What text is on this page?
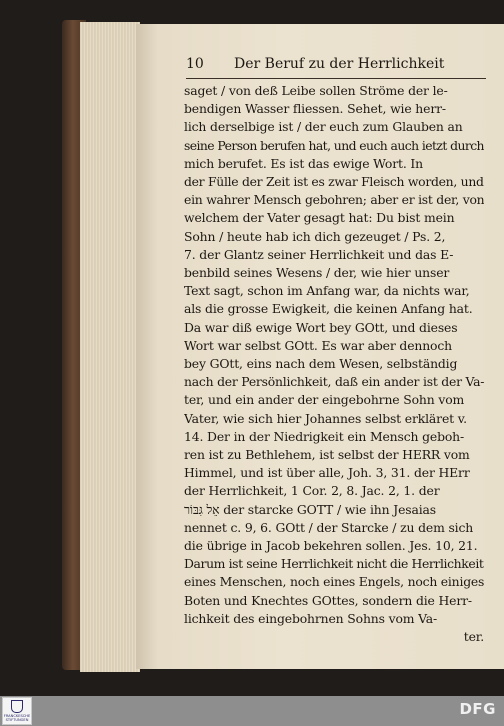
10 Der Beruf zu der Herrlichkeit
saget / von deß Leibe sollen Ströme der le-
bendigen Wasser fliessen. Sehet, wie herr-
lich derselbige ist / der euch zum Glauben an
seine Person berufen hat, und euch auch ietzt durch
mich berufet. Es ist das ewige Wort. In
der Fülle der Zeit ist es zwar Fleisch worden, und
ein wahrer Mensch gebohren; aber er ist der, von
welchem der Vater gesagt hat: Du bist mein
Sohn / heute hab ich dich gezeuget / Ps. 2,
7. der Glantz seiner Herrlichkeit und das E-
benbild seines Wesens / der, wie hier unser
Text sagt, schon im Anfang war, da nichts war,
als die grosse Ewigkeit, die keinen Anfang hat.
Da war diß ewige Wort bey GOtt, und dieses
Wort war selbst GOtt. Es war aber dennoch
bey GOtt, eins nach dem Wesen, selbständig
nach der Persönlichkeit, daß ein ander ist der Va-
ter, und ein ander der eingebohrne Sohn vom
Vater, wie sich hier Johannes selbst erkläret v.
14. Der in der Niedrigkeit ein Mensch geboh-
ren ist zu Bethlehem, ist selbst der HERR vom
Himmel, und ist über alle, Joh. 3, 31. der HErr
der Herrlichkeit, 1 Cor. 2, 8. Jac. 2, 1. der
אֵל גִּבּוֹר der starcke GOTT / wie ihn Jesaias
nennet c. 9, 6. GOtt / der Starcke / zu dem sich
die übrige in Jacob bekehren sollen. Jes. 10, 21.
Darum ist seine Herrlichkeit nicht die Herrlichkeit
eines Menschen, noch eines Engels, noch einiges
Boten und Knechtes GOttes, sondern die Herr-
lichkeit des eingebohrnen Sohns vom Va-
ter.
FRANCKESCHE
STIFTUNGEN
DFG
